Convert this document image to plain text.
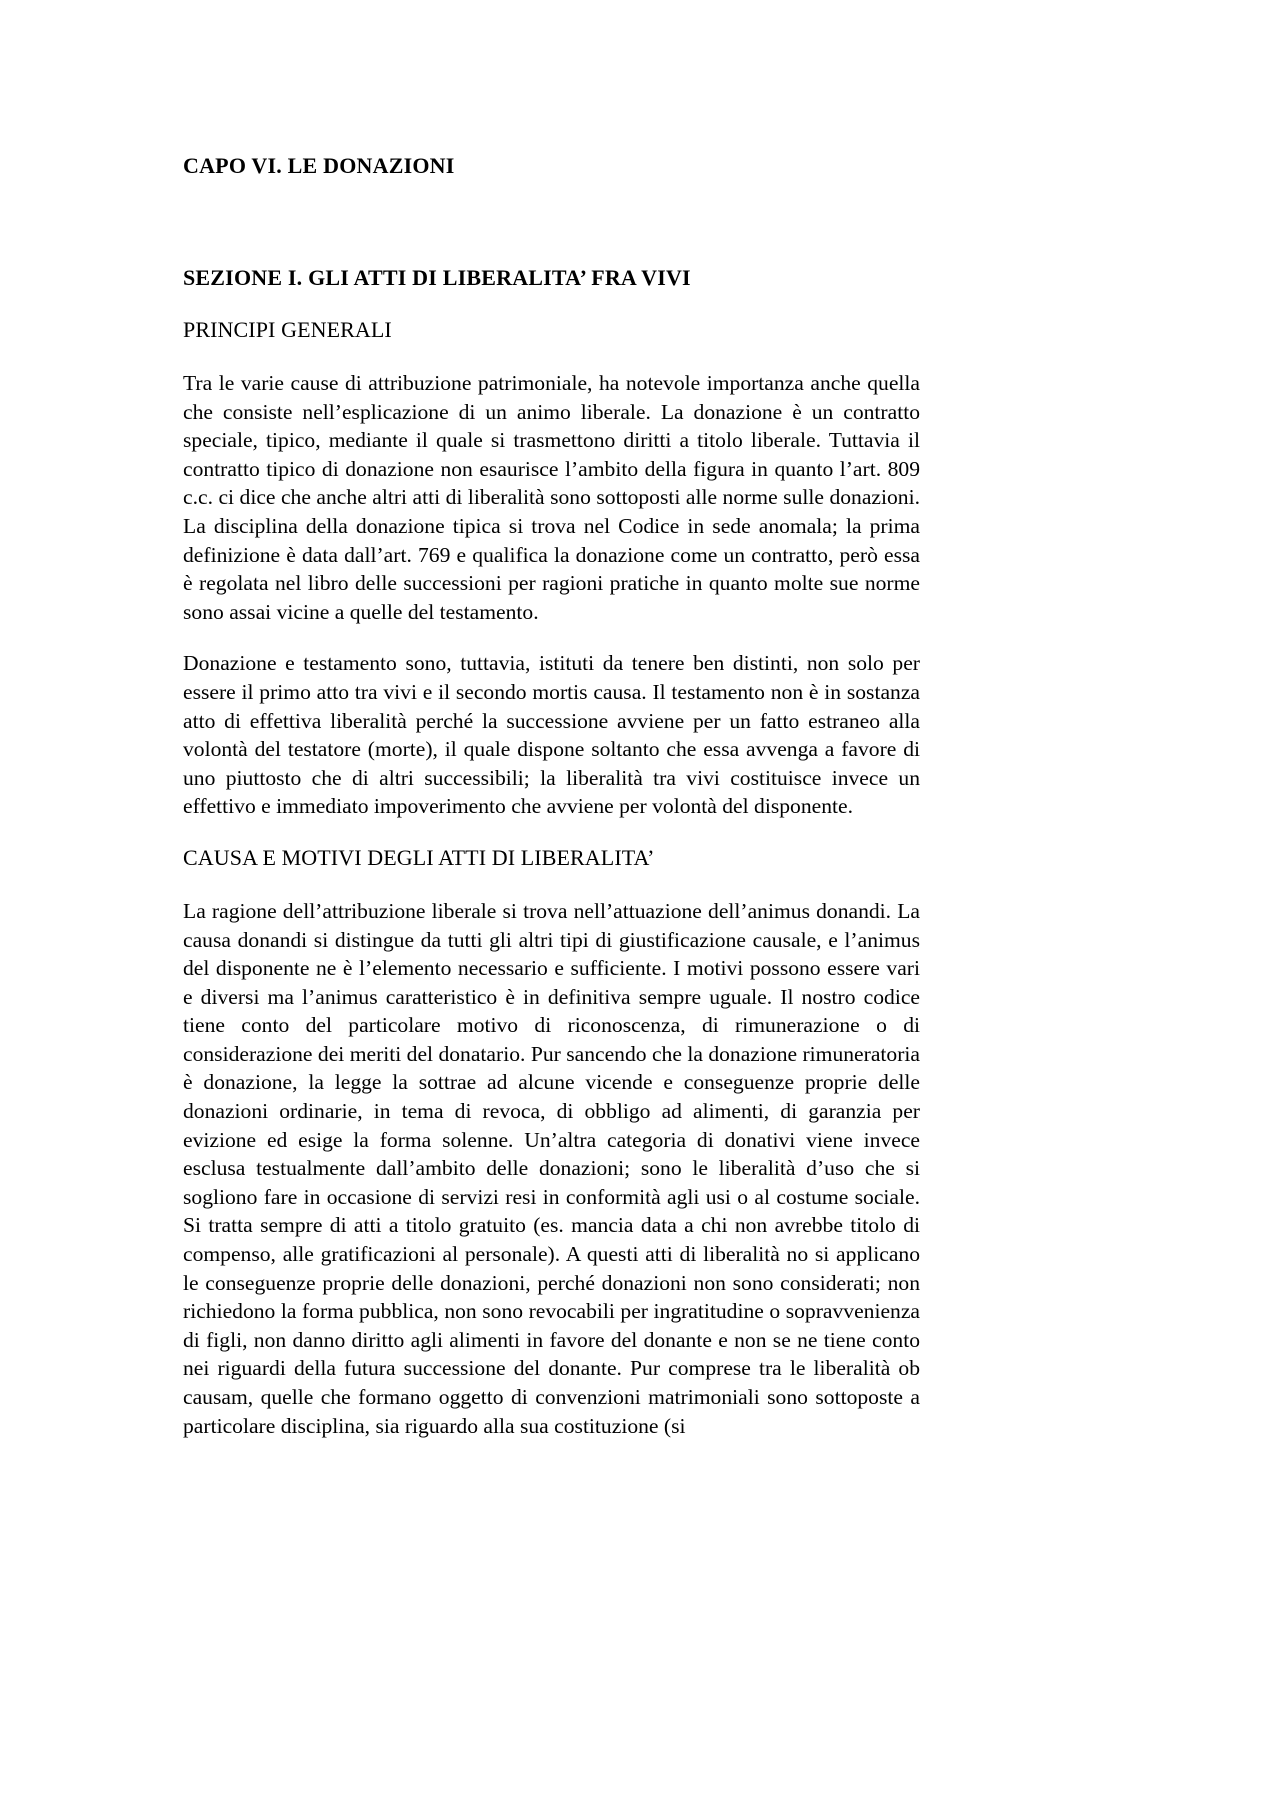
CAPO VI. LE DONAZIONI
SEZIONE I. GLI ATTI DI LIBERALITA’ FRA VIVI
PRINCIPI GENERALI

Tra le varie cause di attribuzione patrimoniale, ha notevole importanza anche quella che consiste nell’esplicazione di un animo liberale. La donazione è un contratto speciale, tipico, mediante il quale si trasmettono diritti a titolo liberale. Tuttavia il contratto tipico di donazione non esaurisce l’ambito della figura in quanto l’art. 809 c.c. ci dice che anche altri atti di liberalità sono sottoposti alle norme sulle donazioni. La disciplina della donazione tipica si trova nel Codice in sede anomala; la prima definizione è data dall’art. 769 e qualifica la donazione come un contratto, però essa è regolata nel libro delle successioni per ragioni pratiche in quanto molte sue norme sono assai vicine a quelle del testamento.

Donazione e testamento sono, tuttavia, istituti da tenere ben distinti, non solo per essere il primo atto tra vivi e il secondo mortis causa. Il testamento non è in sostanza atto di effettiva liberalità perché la successione avviene per un fatto estraneo alla volontà del testatore (morte), il quale dispone soltanto che essa avvenga a favore di uno piuttosto che di altri successibili; la liberalità tra vivi costituisce invece un effettivo e immediato impoverimento che avviene per volontà del disponente.

CAUSA E MOTIVI DEGLI ATTI DI LIBERALITA’

La ragione dell’attribuzione liberale si trova nell’attuazione dell’animus donandi. La causa donandi si distingue da tutti gli altri tipi di giustificazione causale, e l’animus del disponente ne è l’elemento necessario e sufficiente. I motivi possono essere vari e diversi ma l’animus caratteristico è in definitiva sempre uguale. Il nostro codice tiene conto del particolare motivo di riconoscenza, di rimunerazione o di considerazione dei meriti del donatario. Pur sancendo che la donazione rimuneratoria è donazione, la legge la sottrae ad alcune vicende e conseguenze proprie delle donazioni ordinarie, in tema di revoca, di obbligo ad alimenti, di garanzia per evizione ed esige la forma solenne. Un’altra categoria di donativi viene invece esclusa testualmente dall’ambito delle donazioni; sono le liberalità d’uso che si sogliono fare in occasione di servizi resi in conformità agli usi o al costume sociale. Si tratta sempre di atti a titolo gratuito (es. mancia data a chi non avrebbe titolo di compenso, alle gratificazioni al personale). A questi atti di liberalità no si applicano le conseguenze proprie delle donazioni, perché donazioni non sono considerati; non richiedono la forma pubblica, non sono revocabili per ingratitudine o sopravvenienza di figli, non danno diritto agli alimenti in favore del donante e non se ne tiene conto nei riguardi della futura successione del donante. Pur comprese tra le liberalità ob causam, quelle che formano oggetto di convenzioni matrimoniali sono sottoposte a particolare disciplina, sia riguardo alla sua costituzione (si
